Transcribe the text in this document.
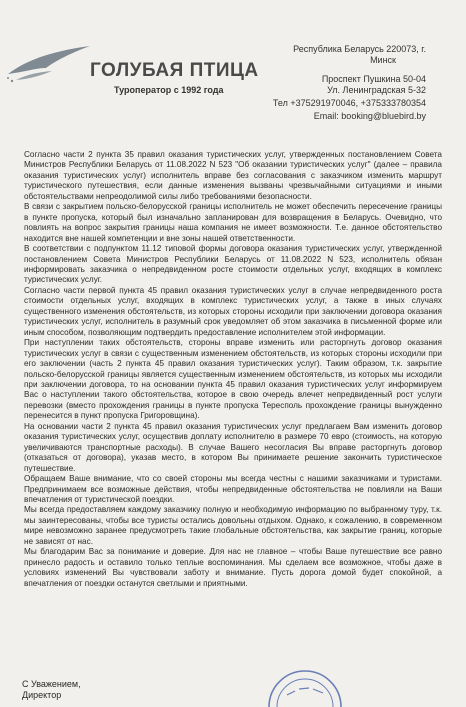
ГОЛУБАЯ ПТИЦА
Туроператор с 1992 года
Республика Беларусь 220073, г.
Минск
Проспект Пушкина 50-04
Ул. Ленинградская 5-32
Тел +375291970046, +375333780354
Email: booking@bluebird.by

Согласно части 2 пункта 35 правил оказания туристических услуг, утвержденных постановлением Совета Министров Республики Беларусь от 11.08.2022 N 523 "Об оказании туристических услуг" (далее – правила оказания туристических услуг) исполнитель вправе без согласования с заказчиком изменить маршрут туристического путешествия, если данные изменения вызваны чрезвычайными ситуациями и иными обстоятельствами непреодолимой силы либо требованиями безопасности.

В связи с закрытием польско-белорусской границы исполнитель не может обеспечить пересечение границы в пункте пропуска, который был изначально запланирован для возвращения в Беларусь. Очевидно, что повлиять на вопрос закрытия границы наша компания не имеет возможности. Т.е. данное обстоятельство находится вне нашей компетенции и вне зоны нашей ответственности.

В соответствии с подпунктом 11.12 типовой формы договора оказания туристических услуг, утвержденной постановлением Совета Министров Республики Беларусь от 11.08.2022 N 523, исполнитель обязан информировать заказчика о непредвиденном росте стоимости отдельных услуг, входящих в комплекс туристических услуг.

Согласно части первой пункта 45 правил оказания туристических услуг в случае непредвиденного роста стоимости отдельных услуг, входящих в комплекс туристических услуг, а также в иных случаях существенного изменения обстоятельств, из которых стороны исходили при заключении договора оказания туристических услуг, исполнитель в разумный срок уведомляет об этом заказчика в письменной форме или иным способом, позволяющим подтвердить предоставление исполнителем этой информации.

При наступлении таких обстоятельств, стороны вправе изменить или расторгнуть договор оказания туристических услуг в связи с существенным изменением обстоятельств, из которых стороны исходили при его заключении (часть 2 пункта 45 правил оказания туристических услуг). Таким образом, т.к. закрытие польско-белорусской границы является существенным изменением обстоятельств, из которых мы исходили при заключении договора, то на основании пункта 45 правил оказания туристических услуг информируем Вас о наступлении такого обстоятельства, которое в свою очередь влечет непредвиденный рост услуги перевозки (вместо прохождения границы в пункте пропуска Тересполь прохождение границы вынужденно перенесится в пункт пропуска Григоровщина).

На основании части 2 пункта 45 правил оказания туристических услуг предлагаем Вам изменить договор оказания туристических услуг, осуществив доплату исполнителю в размере 70 евро (стоимость, на которую увеличиваются транспортные расходы). В случае Вашего несогласия Вы вправе расторгнуть договор (отказаться от договора), указав место, в котором Вы принимаете решение закончить туристическое путешествие.

Обращаем Ваше внимание, что со своей стороны мы всегда честны с нашими заказчиками и туристами. Предпринимаем все возможные действия, чтобы непредвиденные обстоятельства не повлияли на Ваши впечатления от туристической поездки.

Мы всегда предоставляем каждому заказчику полную и необходимую информацию по выбранному туру, т.к. мы заинтересованы, чтобы все туристы остались довольны отдыхом. Однако, к сожалению, в современном мире невозможно заранее предусмотреть такие глобальные обстоятельства, как закрытие границ, которые не зависят от нас.

Мы благодарим Вас за понимание и доверие. Для нас не главное – чтобы Ваше путешествие все равно принесло радость и оставило только теплые воспоминания. Мы сделаем все возможное, чтобы даже в условиях изменений Вы чувствовали заботу и внимание. Пусть дорога домой будет спокойной, а впечатления от поездки останутся светлыми и приятными.

С Уважением,
Директор
